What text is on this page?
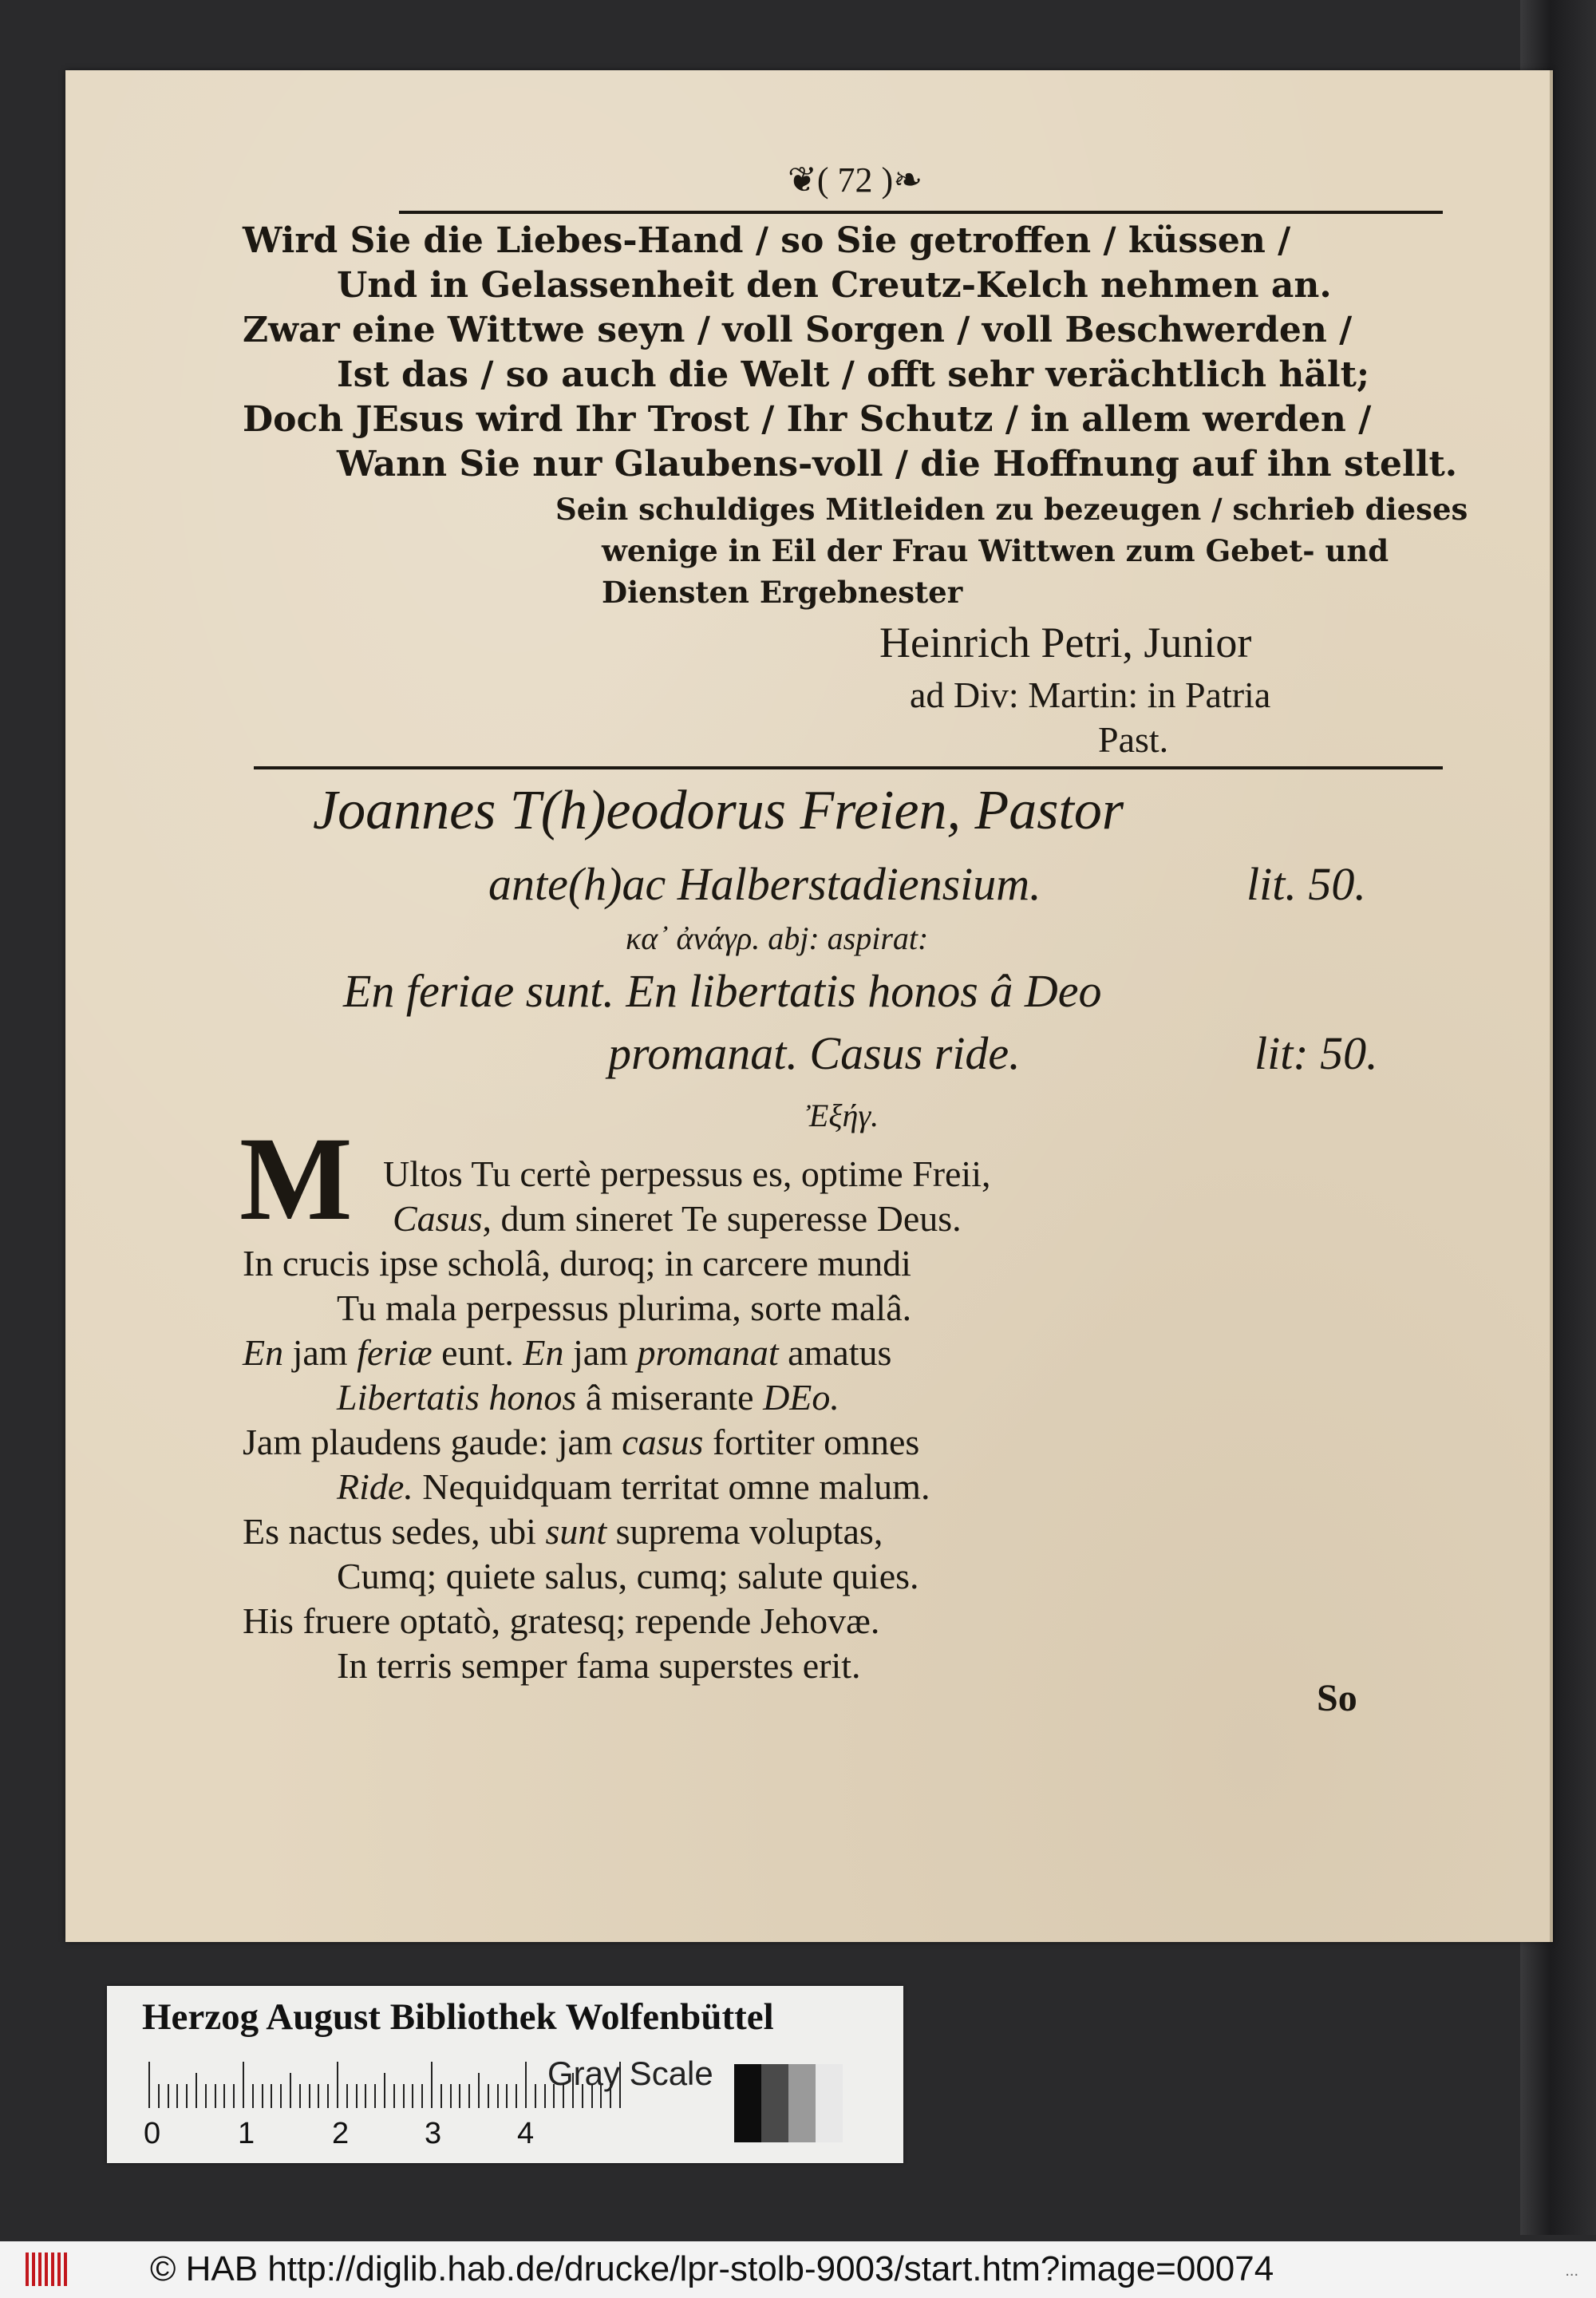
❦( 72 )❧
Wird Sie die Liebes-Hand / so Sie getroffen / küssen /
Und in Gelassenheit den Creutz-Kelch nehmen an.
Zwar eine Wittwe seyn / voll Sorgen / voll Beschwerden /
Ist das / so auch die Welt / offt sehr verächtlich hält;
Doch JEsus wird Ihr Trost / Ihr Schutz / in allem werden /
Wann Sie nur Glaubens-voll / die Hoffnung auf ihn stellt.
Sein schuldiges Mitleiden zu bezeugen / schrieb dieses
wenige in Eil der Frau Wittwen zum Gebet- und
Diensten Ergebnester
Heinrich Petri, Junior
ad Div: Martin: in Patria
Past.
Joannes T(h)eodorus Freien, Pastor
ante(h)ac Halberstadiensium.	lit. 50.
κα᾽ ἀνάγρ. abj: aspirat:
En feriae sunt. En libertatis honos â Deo
promanat. Casus ride.	lit: 50.
Ἐξήγ.
M Ultos Tu certè perpessus es, optime Freii,
Casus, dum sineret Te superesse Deus.
In crucis ipse scholâ, duroq; in carcere mundi
Tu mala perpessus plurima, sorte malâ.
En jam feriæ eunt. En jam promanat amatus
Libertatis honos â miserante DEo.
Jam plaudens gaude: jam casus fortiter omnes
Ride. Nequidquam territat omne malum.
Es nactus sedes, ubi sunt suprema voluptas,
Cumq; quiete salus, cumq; salute quies.
His fruere optatò, gratesq; repende Jehovæ.
In terris semper fama superstes erit.
So
Herzog August Bibliothek Wolfenbüttel
0	1	2 3 4
Gray Scale
© HAB http://diglib.hab.de/drucke/lpr-stolb-9003/start.htm?image=00074	...
